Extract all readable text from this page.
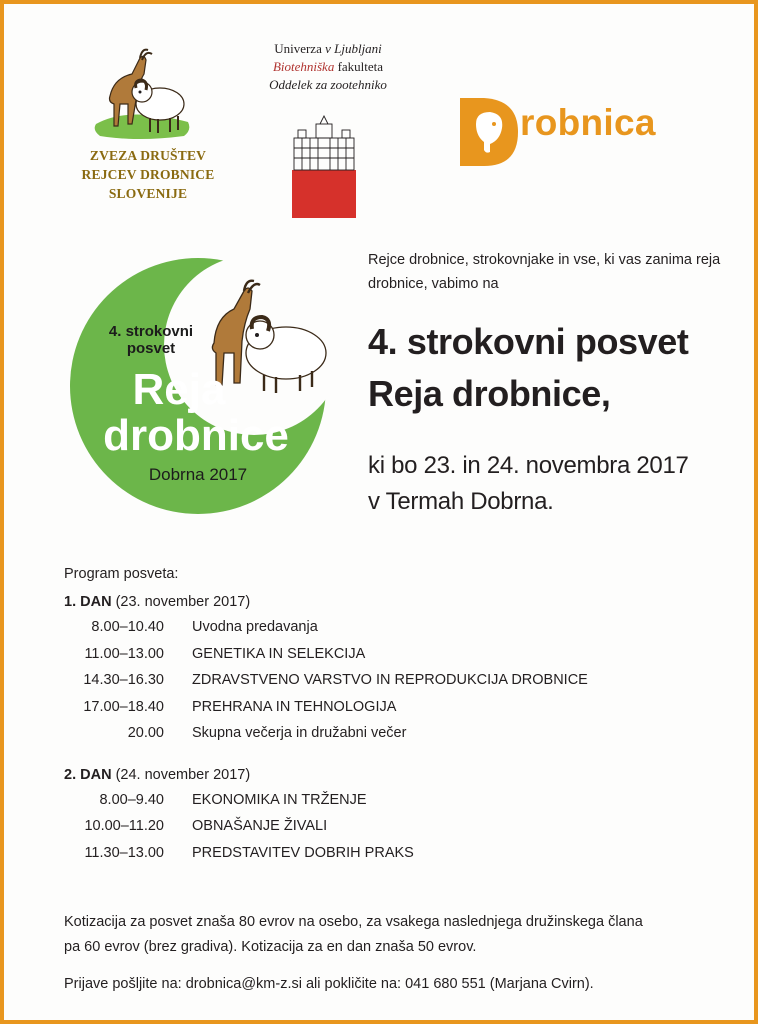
ZVEZA DRUŠTEV
REJCEV DROBNICE
SLOVENIJE
Univerza v Ljubljani
Biotehniška fakulteta
Oddelek za zootehniko
robnica
4. strokovni
posvet
Reja
drobnice
Dobrna 2017
Rejce drobnice, strokovnjake in vse, ki vas zanima reja drobnice, vabimo na
4. strokovni posvet
Reja drobnice,
ki bo 23. in 24. novembra 2017
v Termah Dobrna.
Program posveta:
1. DAN (23. november 2017)
8.00–10.40	Uvodna predavanja
11.00–13.00	GENETIKA IN SELEKCIJA
14.30–16.30	ZDRAVSTVENO VARSTVO IN REPRODUKCIJA DROBNICE
17.00–18.40	PREHRANA IN TEHNOLOGIJA
20.00	Skupna večerja in družabni večer
2. DAN (24. november 2017)
8.00–9.40	EKONOMIKA IN TRŽENJE
10.00–11.20	OBNAŠANJE ŽIVALI
11.30–13.00	PREDSTAVITEV DOBRIH PRAKS

Kotizacija za posvet znaša 80 evrov na osebo, za vsakega naslednjega družinskega člana

pa 60 evrov (brez gradiva). Kotizacija za en dan znaša 50 evrov.

Prijave pošljite na: drobnica@km-z.si ali pokličite na: 041 680 551 (Marjana Cvirn).
